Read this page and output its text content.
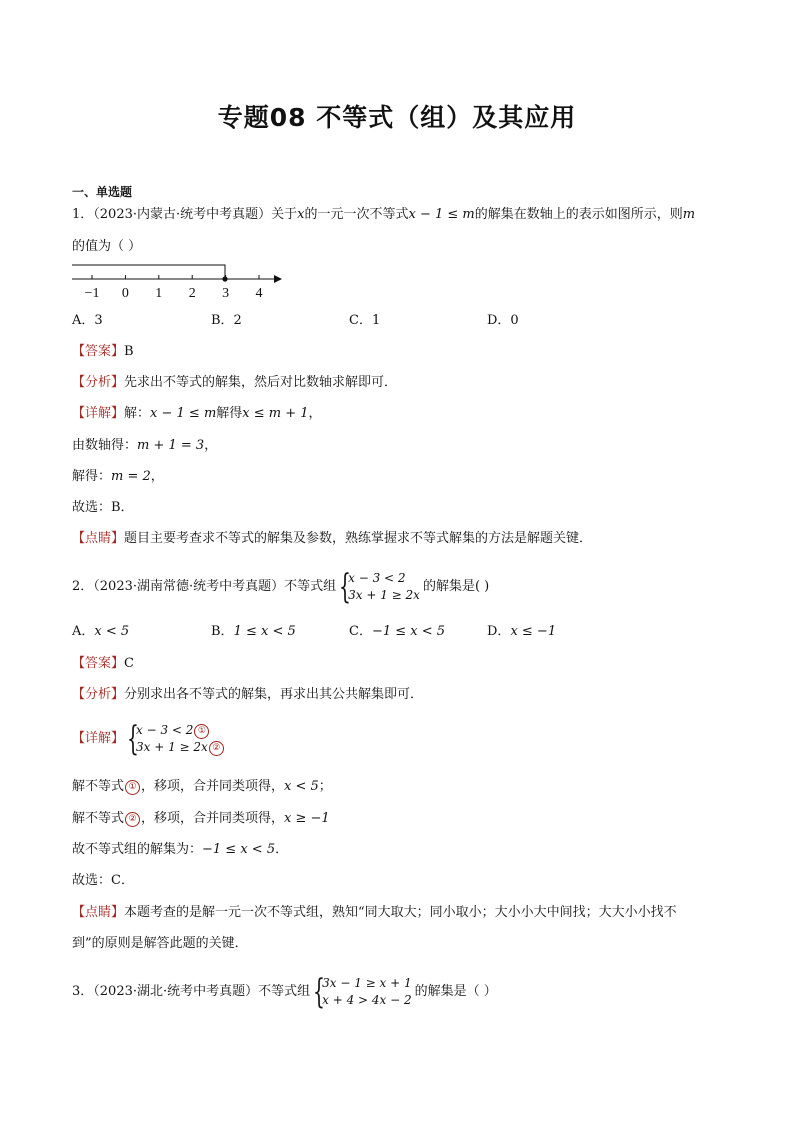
专题08 不等式（组）及其应用
一、单选题
1．（2023·内蒙古·统考中考真题）关于x的一元一次不等式x − 1 ≤ m的解集在数轴上的表示如图所示，则m
的值为（ ）
−1 0 1 2 3 4
A．3	B．2	C．1	D．0
【答案】B
【分析】先求出不等式的解集，然后对比数轴求解即可．
【详解】解：x − 1 ≤ m解得x ≤ m + 1，
由数轴得：m + 1 = 3，
解得：m = 2，
故选：B．
【点睛】题目主要考查求不等式的解集及参数，熟练掌握求不等式解集的方法是解题关键．
2．（2023·湖南常德·统考中考真题）不等式组 {
x − 3 < 2
3x + 1 ≥ 2x
的解集是( )
A．x < 5	B．1 ≤ x < 5	C．−1 ≤ x < 5	D．x ≤ −1
【答案】C
【分析】分别求出各不等式的解集，再求出其公共解集即可．
【详解】 {
x − 3 < 2 ①
3x + 1 ≥ 2x ②
解不等式 ① ，移项，合并同类项得，x < 5；
解不等式 ② ，移项，合并同类项得，x ≥ −1
故不等式组的解集为：−1 ≤ x < 5．
故选：C．
【点睛】本题考查的是解一元一次不等式组，熟知“同大取大；同小取小；大小小大中间找；大大小小找不
到”的原则是解答此题的关键．
3．（2023·湖北·统考中考真题）不等式组 {
3x − 1 ≥ x + 1
x + 4 > 4x − 2
的解集是（ ）
